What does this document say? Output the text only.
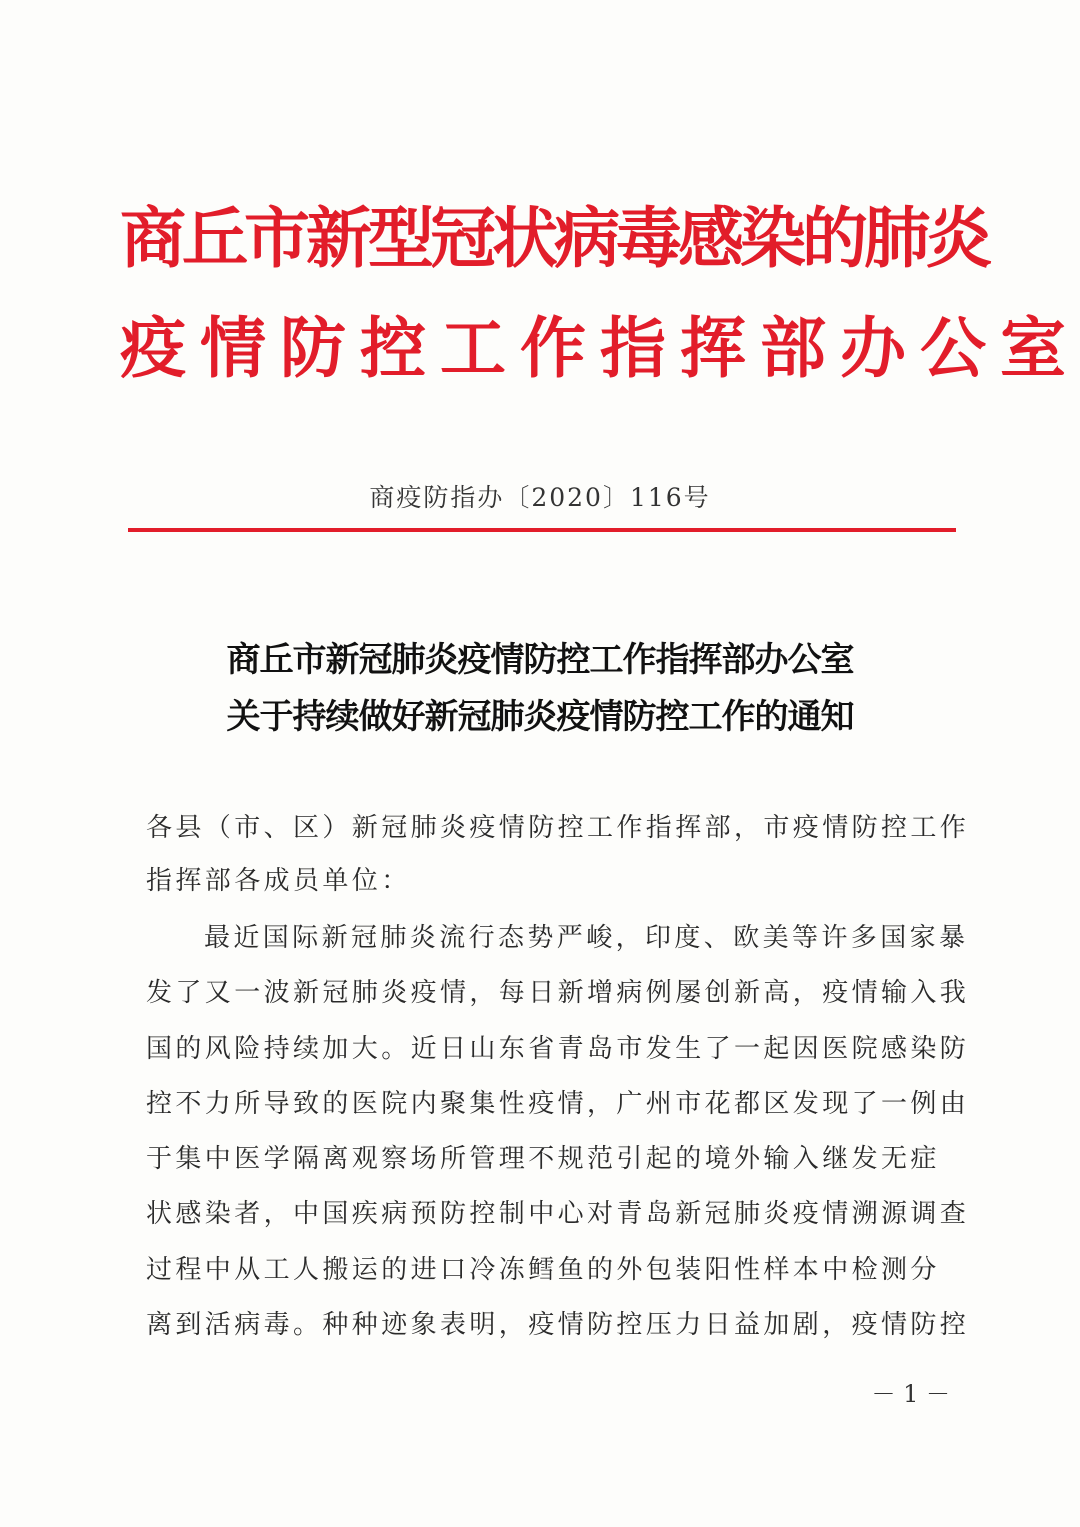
商丘市新型冠状病毒感染的肺炎
疫情防控工作指挥部办公室
商疫防指办〔2020〕116号
商丘市新冠肺炎疫情防控工作指挥部办公室
关于持续做好新冠肺炎疫情防控工作的通知
各县（市、区）新冠肺炎疫情防控工作指挥部，市疫情防控工作
指挥部各成员单位：
最近国际新冠肺炎流行态势严峻，印度、欧美等许多国家暴
发了又一波新冠肺炎疫情，每日新增病例屡创新高，疫情输入我
国的风险持续加大。近日山东省青岛市发生了一起因医院感染防
控不力所导致的医院内聚集性疫情，广州市花都区发现了一例由
于集中医学隔离观察场所管理不规范引起的境外输入继发无症
状感染者，中国疾病预防控制中心对青岛新冠肺炎疫情溯源调查
过程中从工人搬运的进口冷冻鳕鱼的外包装阳性样本中检测分
离到活病毒。种种迹象表明，疫情防控压力日益加剧，疫情防控
－ 1 －
